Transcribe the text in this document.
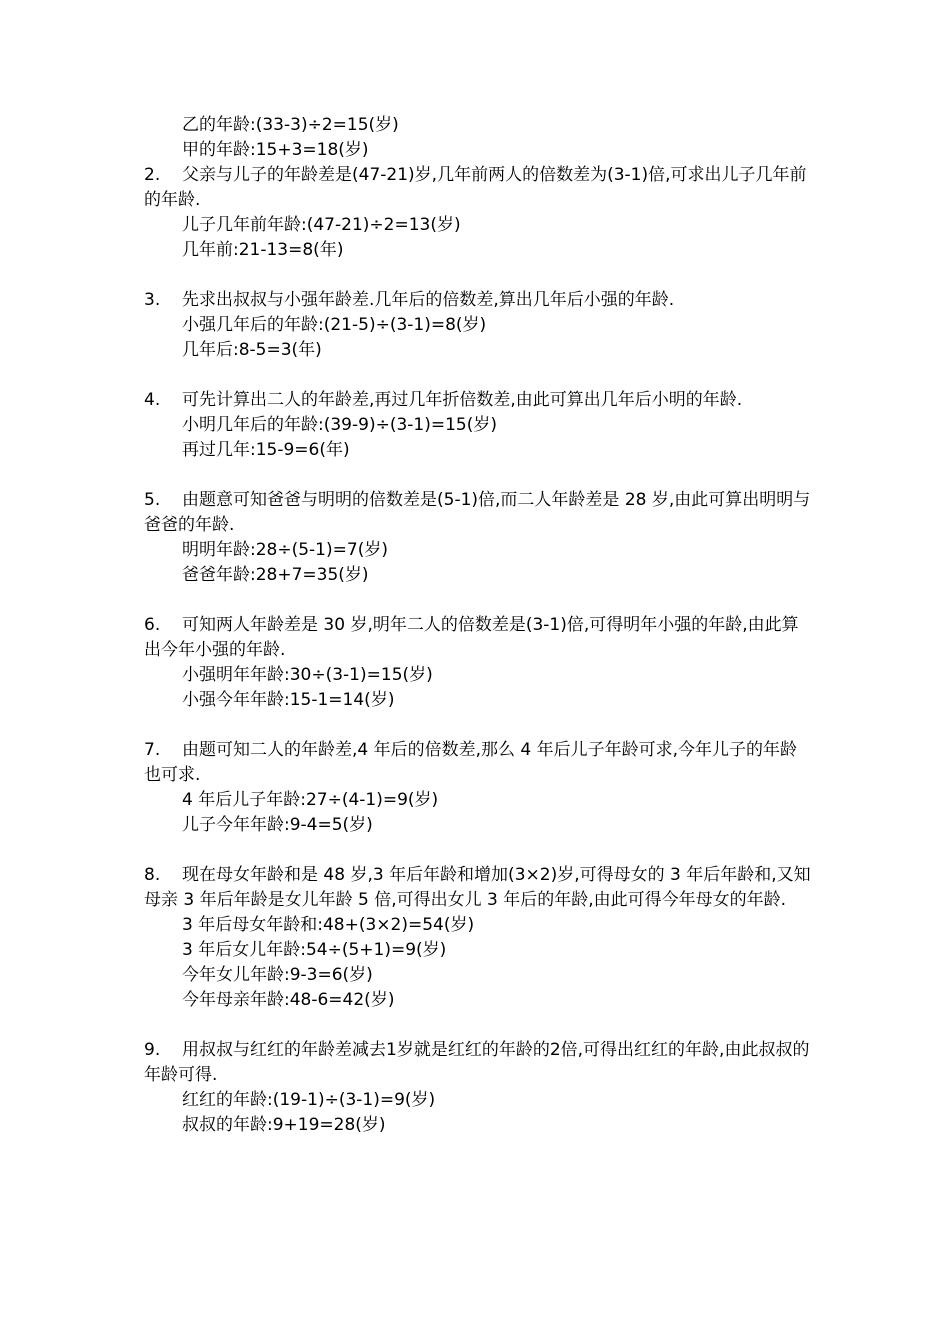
乙的年龄:(33-3)÷2=15(岁)
甲的年龄:15+3=18(岁)
2. 父亲与儿子的年龄差是(47-21)岁,几年前两人的倍数差为(3-1)倍,可求出儿子几年前的年龄.
儿子几年前年龄:(47-21)÷2=13(岁)
几年前:21-13=8(年)
3. 先求出叔叔与小强年龄差.几年后的倍数差,算出几年后小强的年龄.
小强几年后的年龄:(21-5)÷(3-1)=8(岁)
几年后:8-5=3(年)
4. 可先计算出二人的年龄差,再过几年折倍数差,由此可算出几年后小明的年龄.
小明几年后的年龄:(39-9)÷(3-1)=15(岁)
再过几年:15-9=6(年)
5. 由题意可知爸爸与明明的倍数差是(5-1)倍,而二人年龄差是 28 岁,由此可算出明明与爸爸的年龄.
明明年龄:28÷(5-1)=7(岁)
爸爸年龄:28+7=35(岁)
6. 可知两人年龄差是 30 岁,明年二人的倍数差是(3-1)倍,可得明年小强的年龄,由此算出今年小强的年龄.
小强明年年龄:30÷(3-1)=15(岁)
小强今年年龄:15-1=14(岁)
7. 由题可知二人的年龄差,4 年后的倍数差,那么 4 年后儿子年龄可求,今年儿子的年龄也可求.
4 年后儿子年龄:27÷(4-1)=9(岁)
儿子今年年龄:9-4=5(岁)
8. 现在母女年龄和是 48 岁,3 年后年龄和增加(3×2)岁,可得母女的 3 年后年龄和,又知母亲 3 年后年龄是女儿年龄 5 倍,可得出女儿 3 年后的年龄,由此可得今年母女的年龄.
3 年后母女年龄和:48+(3×2)=54(岁)
3 年后女儿年龄:54÷(5+1)=9(岁)
今年女儿年龄:9-3=6(岁)
今年母亲年龄:48-6=42(岁)
9. 用叔叔与红红的年龄差减去1岁就是红红的年龄的2倍,可得出红红的年龄,由此叔叔的年龄可得.
红红的年龄:(19-1)÷(3-1)=9(岁)
叔叔的年龄:9+19=28(岁)
